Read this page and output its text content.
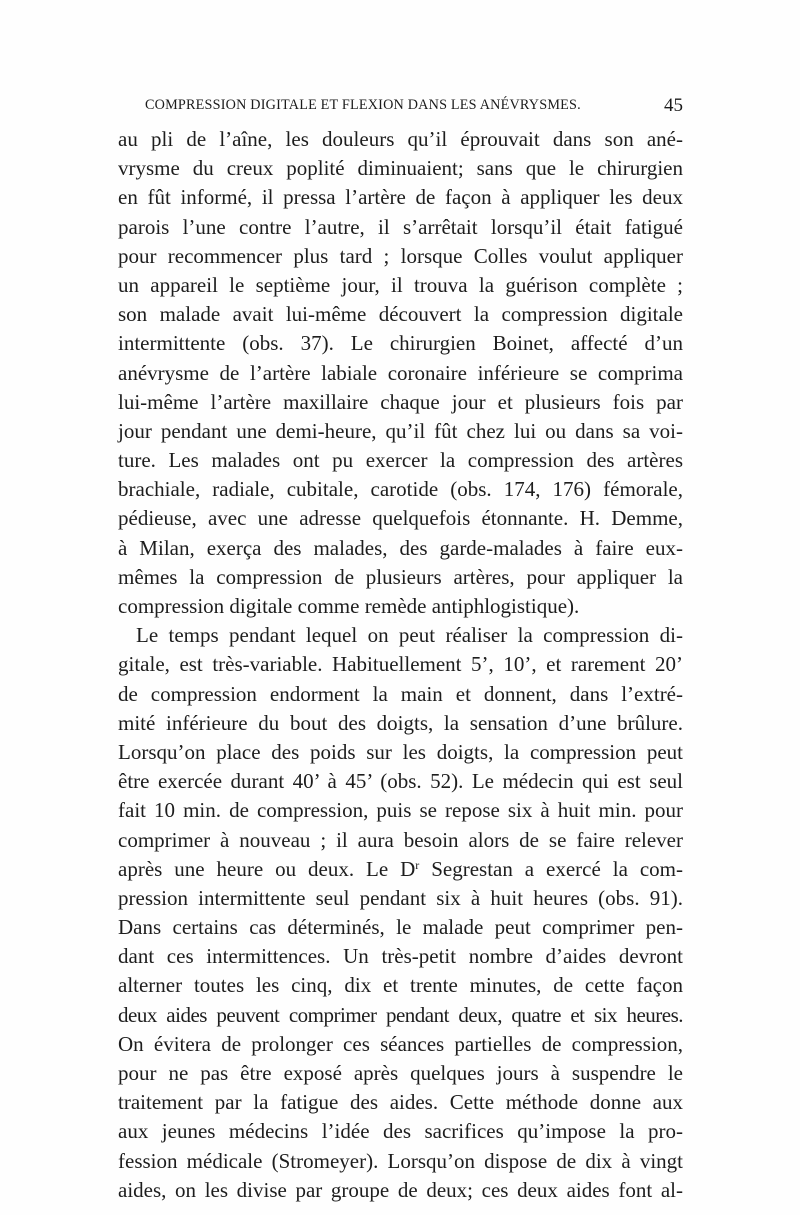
COMPRESSION DIGITALE ET FLEXION DANS LES ANÉVRYSMES.	45
au pli de l’aîne, les douleurs qu’il éprouvait dans son ané-
vrysme du creux poplité diminuaient; sans que le chirurgien
en fût informé, il pressa l’artère de façon à appliquer les deux
parois l’une contre l’autre, il s’arrêtait lorsqu’il était fatigué
pour recommencer plus tard ; lorsque Colles voulut appliquer
un appareil le septième jour, il trouva la guérison complète ;
son malade avait lui-même découvert la compression digitale
intermittente (obs. 37). Le chirurgien Boinet, affecté d’un
anévrysme de l’artère labiale coronaire inférieure se comprima
lui-même l’artère maxillaire chaque jour et plusieurs fois par
jour pendant une demi-heure, qu’il fût chez lui ou dans sa voi-
ture. Les malades ont pu exercer la compression des artères
brachiale, radiale, cubitale, carotide (obs. 174, 176) fémorale,
pédieuse, avec une adresse quelquefois étonnante. H. Demme,
à Milan, exerça des malades, des garde-malades à faire eux-
mêmes la compression de plusieurs artères, pour appliquer la
compression digitale comme remède antiphlogistique).
Le temps pendant lequel on peut réaliser la compression di-
gitale, est très-variable. Habituellement 5’, 10’, et rarement 20’
de compression endorment la main et donnent, dans l’extré-
mité inférieure du bout des doigts, la sensation d’une brûlure.
Lorsqu’on place des poids sur les doigts, la compression peut
être exercée durant 40’ à 45’ (obs. 52). Le médecin qui est seul
fait 10 min. de compression, puis se repose six à huit min. pour
comprimer à nouveau ; il aura besoin alors de se faire relever
après une heure ou deux. Le $D^r$ Segrestan a exercé la com-
pression intermittente seul pendant six à huit heures (obs. 91).
Dans certains cas déterminés, le malade peut comprimer pen-
dant ces intermittences. Un très-petit nombre d’aides devront
alterner toutes les cinq, dix et trente minutes, de cette façon
deux aides peuvent comprimer pendant deux, quatre et six heures.
On évitera de prolonger ces séances partielles de compression,
pour ne pas être exposé après quelques jours à suspendre le
traitement par la fatigue des aides. Cette méthode donne aux
aux jeunes médecins l’idée des sacrifices qu’impose la pro-
fession médicale (Stromeyer). Lorsqu’on dispose de dix à vingt
aides, on les divise par groupe de deux; ces deux aides font al-
